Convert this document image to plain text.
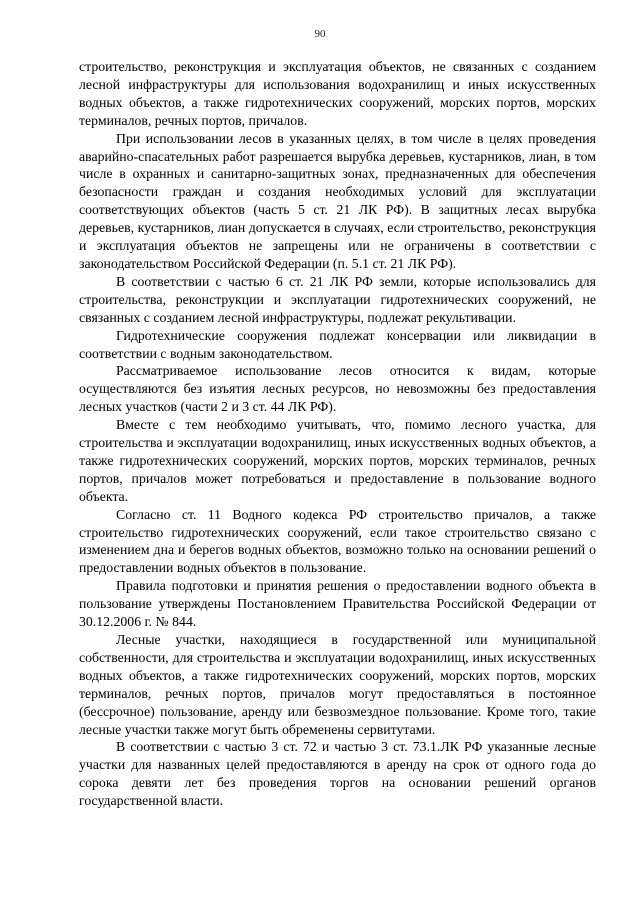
90

строительство, реконструкция и эксплуатация объектов, не связанных с созданием лесной инфраструктуры для использования водохранилищ и иных искусственных водных объектов, а также гидротехнических сооружений, морских портов, морских терминалов, речных портов, причалов.

При использовании лесов в указанных целях, в том числе в целях проведения аварийно-спасательных работ разрешается вырубка деревьев, кустарников, лиан, в том числе в охранных и санитарно-защитных зонах, предназначенных для обеспечения безопасности граждан и создания необходимых условий для эксплуатации соответствующих объектов (часть 5 ст. 21 ЛК РФ). В защитных лесах вырубка деревьев, кустарников, лиан допускается в случаях, если строительство, реконструкция и эксплуатация объектов не запрещены или не ограничены в соответствии с законодательством Российской Федерации (п. 5.1 ст. 21 ЛК РФ).

В соответствии с частью 6 ст. 21 ЛК РФ земли, которые использовались для строительства, реконструкции и эксплуатации гидротехнических сооружений, не связанных с созданием лесной инфраструктуры, подлежат рекультивации.

Гидротехнические сооружения подлежат консервации или ликвидации в соответствии с водным законодательством.

Рассматриваемое использование лесов относится к видам, которые осуществляются без изъятия лесных ресурсов, но невозможны без предоставления лесных участков (части 2 и 3 ст. 44 ЛК РФ).

Вместе с тем необходимо учитывать, что, помимо лесного участка, для строительства и эксплуатации водохранилищ, иных искусственных водных объектов, а также гидротехнических сооружений, морских портов, морских терминалов, речных портов, причалов может потребоваться и предоставление в пользование водного объекта.

Согласно ст. 11 Водного кодекса РФ строительство причалов, а также строительство гидротехнических сооружений, если такое строительство связано с изменением дна и берегов водных объектов, возможно только на основании решений о предоставлении водных объектов в пользование.

Правила подготовки и принятия решения о предоставлении водного объекта в пользование утверждены Постановлением Правительства Российской Федерации от 30.12.2006 г. № 844.

Лесные участки, находящиеся в государственной или муниципальной собственности, для строительства и эксплуатации водохранилищ, иных искусственных водных объектов, а также гидротехнических сооружений, морских портов, морских терминалов, речных портов, причалов могут предоставляться в постоянное (бессрочное) пользование, аренду или безвозмездное пользование. Кроме того, такие лесные участки также могут быть обременены сервитутами.

В соответствии с частью 3 ст. 72 и частью 3 ст. 73.1.ЛК РФ указанные лесные участки для названных целей предоставляются в аренду на срок от одного года до сорока девяти лет без проведения торгов на основании решений органов государственной власти.
